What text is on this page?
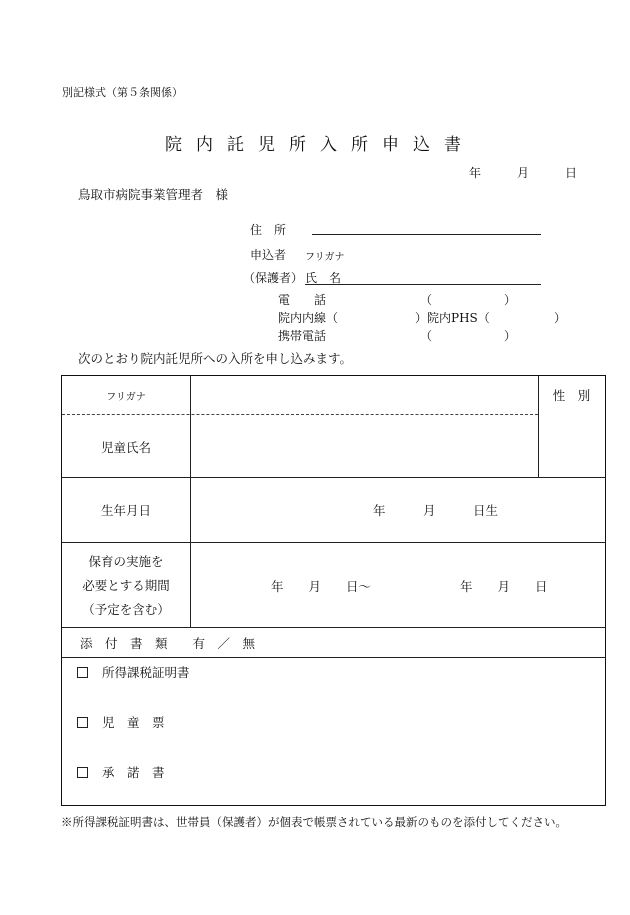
別記様式（第５条関係）
院内託児所入所申込書
年	月	日
鳥取市病院事業管理者　様
住　所
申込者 フリガナ
（保護者） 氏　名
電　　話	（　　　　　　）
院内内線（	） 院内PHS（	）
携帯電話	（　　　　　　）
次のとおり院内託児所への入所を申し込みます。
フリガナ	性　別
児童氏名
生年月日	年　　　月　　　日生
保育の実施を
必要とする期間
（予定を含む）
年　　月　　日～	年　　月　　日
添　付　書　類　　有　／　無
所得課税証明書
児　童　票
承　諾　書
※所得課税証明書は、世帯員（保護者）が個表で帳票されている最新のものを添付してください。
